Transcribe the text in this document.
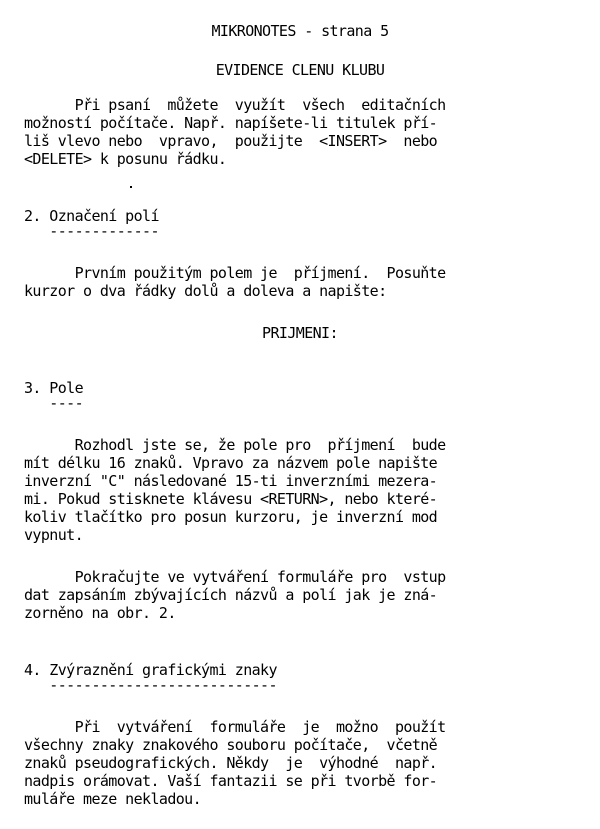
MIKRONOTES - strana 5
EVIDENCE CLENU KLUBU
Při psaní  můžete  využít  všech  editačních
možností počítače. Např. napíšete-li titulek pří-
liš vlevo nebo  vpravo,  použijte  <INSERT>  nebo
<DELETE> k posunu řádku.
2. Označení polí
-------------
Prvním použitým polem je  příjmení.  Posuňte
kurzor o dva řádky dolů a doleva a napište:
PRIJMENI:
3. Pole
----
Rozhodl jste se, že pole pro  příjmení  bude
mít délku 16 znaků. Vpravo za názvem pole napište
inverzní "C" následované 15-ti inverzními mezera-
mi. Pokud stisknete klávesu <RETURN>, nebo které-
koliv tlačítko pro posun kurzoru, je inverzní mod
vypnut.
Pokračujte ve vytváření formuláře pro  vstup
dat zapsáním zbývajících názvů a polí jak je zná-
zorněno na obr. 2.
4. Zvýraznění grafickými znaky
---------------------------
Při  vytváření  formuláře  je  možno  použít
všechny znaky znakového souboru počítače,  včetně
znaků pseudografických. Někdy  je  výhodné  např.
nadpis orámovat. Vaší fantazii se při tvorbě for-
muláře meze nekladou.
